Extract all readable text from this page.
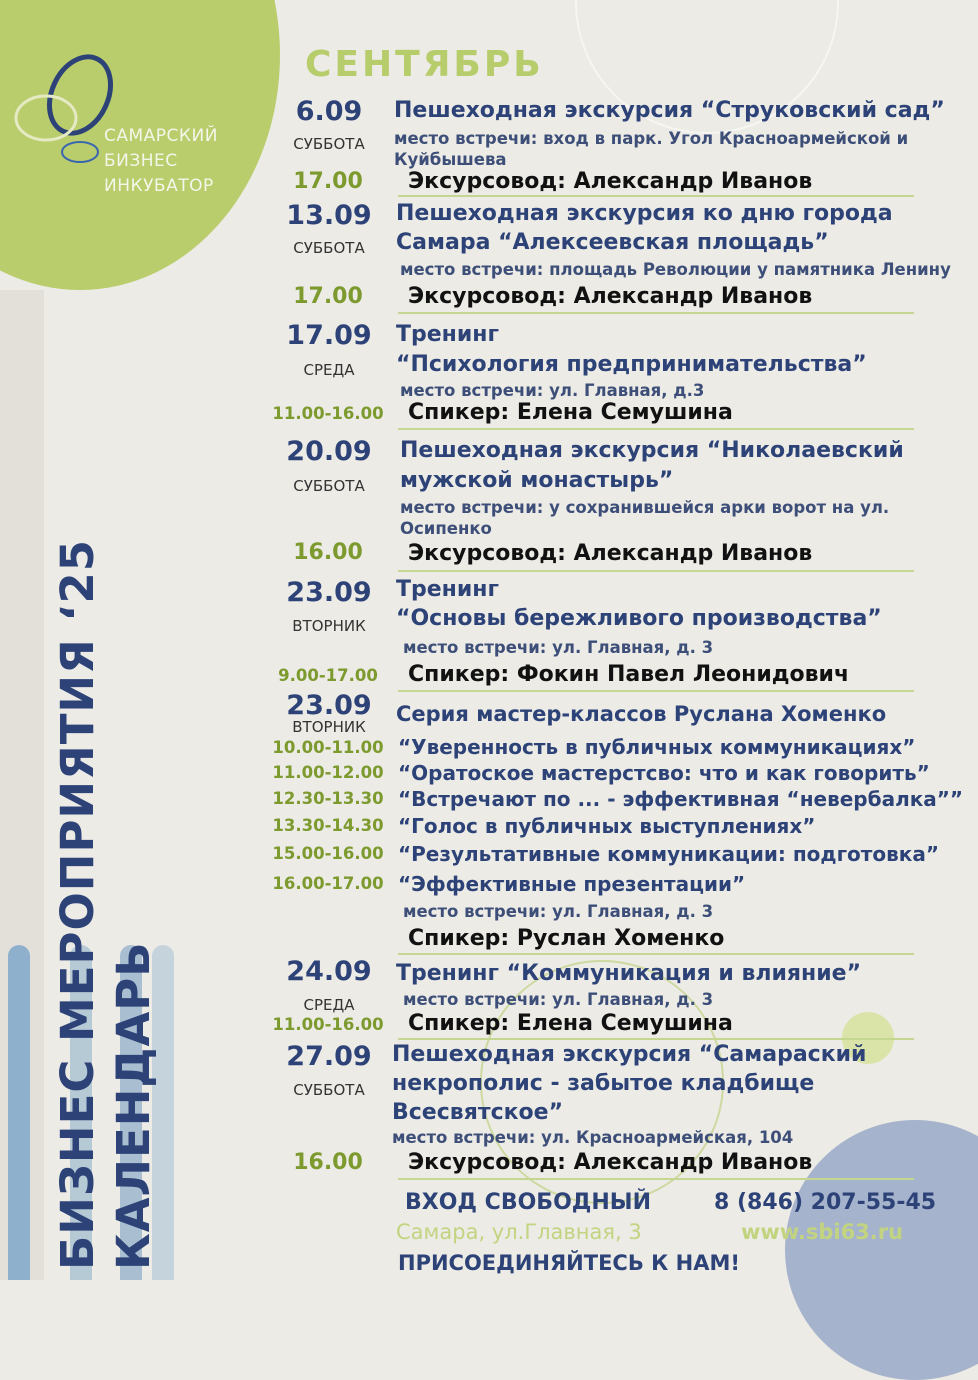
САМАРСКИЙ
БИЗНЕС
ИНКУБАТОР
БИЗНЕС МЕРОПРИЯТИЯ ‘25 КАЛЕНДАРЬ
СЕНТЯБРЬ
6.09
СУББОТА
Пешеходная экскурсия “Струковский сад”
место встречи: вход в парк. Угол Красноармейской и
Куйбышева
17.00	Эксурсовод: Александр Иванов
13.09
СУББОТА
Пешеходная экскурсия ко дню города
Самара “Алексеевская площадь”
место встречи: площадь Революции у памятника Ленину
17.00	Эксурсовод: Александр Иванов
17.09
СРЕДА
Тренинг
“Психология предпринимательства”
место встречи: ул. Главная, д.3
11.00-16.00	Спикер: Елена Семушина
20.09
СУББОТА
Пешеходная экскурсия “Николаевский
мужской монастырь”
место встречи: у сохранившейся арки ворот на ул.
Осипенко
16.00	Эксурсовод: Александр Иванов
23.09
ВТОРНИК
Тренинг
“Основы бережливого производства”
место встречи: ул. Главная, д. 3
9.00-17.00	Спикер: Фокин Павел Леонидович
23.09
ВТОРНИК
Серия мастер-классов Руслана Хоменко
10.00-11.00 “Уверенность в публичных коммуникациях”
11.00-12.00 “Оратоское мастерстсво: что и как говорить”
12.30-13.30 “Встречают по ... - эффективная “невербалка””
13.30-14.30 “Голос в публичных выступлениях”
15.00-16.00 “Результативные коммуникации: подготовка”
16.00-17.00 “Эффективные презентации”
место встречи: ул. Главная, д. 3
Спикер: Руслан Хоменко
24.09
СРЕДА
Тренинг “Коммуникация и влияние”
место встречи: ул. Главная, д. 3
11.00-16.00	Спикер: Елена Семушина
27.09
СУББОТА
Пешеходная экскурсия “Самараский
некрополис - забытое кладбище
Всесвятское”
место встречи: ул. Красноармейская, 104
16.00	Эксурсовод: Александр Иванов
ВХОД СВОБОДНЫЙ	8 (846) 207-55-45
Самара, ул.Главная, 3	www.sbi63.ru
ПРИСОЕДИНЯЙТЕСЬ К НАМ!
